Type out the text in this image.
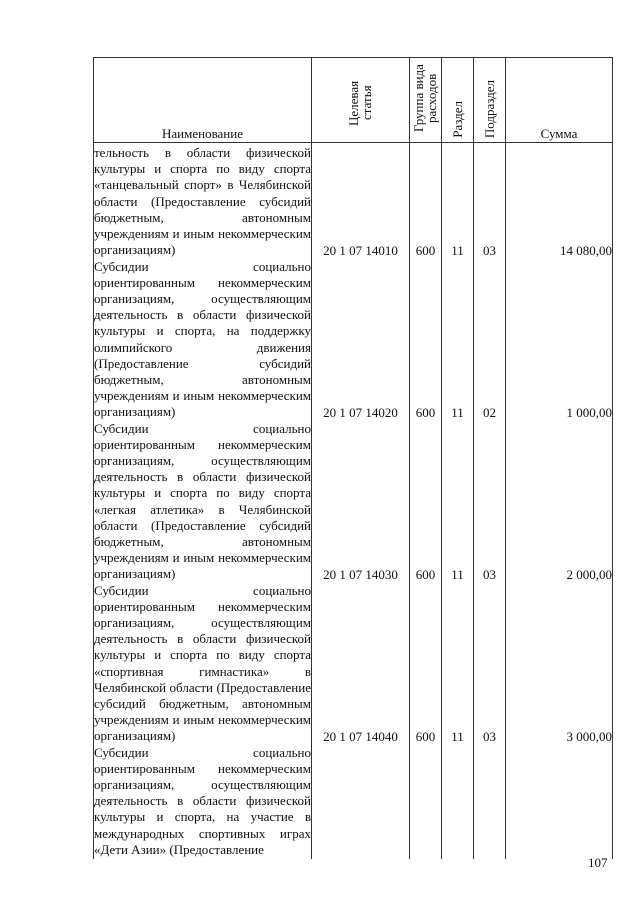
Наименование	Целевая статья	Группа вида расходов	Раздел	Подраздел	Сумма
тельность в области физической культуры и спорта по виду спорта «танцевальный спорт» в Челябинской области (Предоставление субсидий бюджетным, автономным учреждениям и иным некоммерческим организациям)	20 1 07 14010	600	11	03	14 080,00
Субсидии социально ориентированным некоммерческим организациям, осуществляющим деятельность в области физической культуры и спорта, на поддержку олимпийского движения (Предоставление субсидий бюджетным, автономным учреждениям и иным некоммерческим организациям)	20 1 07 14020	600	11	02	1 000,00
Субсидии социально ориентированным некоммерческим организациям, осуществляющим деятельность в области физической культуры и спорта по виду спорта «легкая атлетика» в Челябинской области (Предоставление субсидий бюджетным, автономным учреждениям и иным некоммерческим организациям)	20 1 07 14030	600	11	03	2 000,00
Субсидии социально ориентированным некоммерческим организациям, осуществляющим деятельность в области физической культуры и спорта по виду спорта «спортивная гимнастика» в Челябинской области (Предоставление субсидий бюджетным, автономным учреждениям и иным некоммерческим организациям)	20 1 07 14040	600	11	03	3 000,00
Субсидии социально ориентированным некоммерческим организациям, осуществляющим деятельность в области физической культуры и спорта, на участие в международных спортивных играх «Дети Азии» (Предоставление					
107
